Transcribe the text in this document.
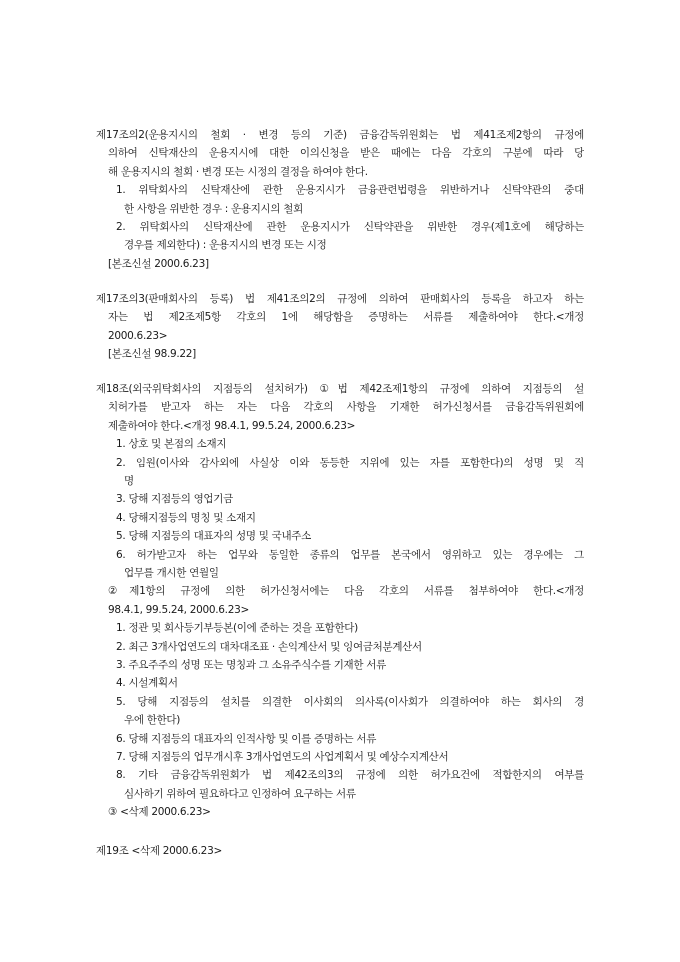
제17조의2(운용지시의 철회 · 변경 등의 기준) 금융감독위원회는 법 제41조제2항의 규정에
의하여 신탁재산의 운용지시에 대한 이의신청을 받은 때에는 다음 각호의 구분에 따라 당
해 운용지시의 철회 · 변경 또는 시정의 결정을 하여야 한다.
1. 위탁회사의 신탁재산에 관한 운용지시가 금융관련법령을 위반하거나 신탁약관의 중대
한 사항을 위반한 경우 : 운용지시의 철회
2. 위탁회사의 신탁재산에 관한 운용지시가 신탁약관을 위반한 경우(제1호에 해당하는
경우를 제외한다) : 운용지시의 변경 또는 시정
[본조신설 2000.6.23]
제17조의3(판매회사의 등록) 법 제41조의2의 규정에 의하여 판매회사의 등록을 하고자 하는
자는 법 제2조제5항 각호의 1에 해당함을 증명하는 서류를 제출하여야 한다.<개정
2000.6.23>
[본조신설 98.9.22]
제18조(외국위탁회사의 지점등의 설치허가) ①법 제42조제1항의 규정에 의하여 지점등의 설
치허가를 받고자 하는 자는 다음 각호의 사항을 기재한 허가신청서를 금융감독위원회에
제출하여야 한다.<개정 98.4.1, 99.5.24, 2000.6.23>
1. 상호 및 본점의 소재지
2. 임원(이사와 감사외에 사실상 이와 동등한 지위에 있는 자를 포함한다)의 성명 및 직
명
3. 당해 지점등의 영업기금
4. 당해지점등의 명칭 및 소재지
5. 당해 지점등의 대표자의 성명 및 국내주소
6. 허가받고자 하는 업무와 동일한 종류의 업무를 본국에서 영위하고 있는 경우에는 그
업무를 개시한 연월일
②제1항의 규정에 의한 허가신청서에는 다음 각호의 서류를 첨부하여야 한다.<개정
98.4.1, 99.5.24, 2000.6.23>
1. 정관 및 회사등기부등본(이에 준하는 것을 포함한다)
2. 최근 3개사업연도의 대차대조표 · 손익계산서 및 잉여금처분계산서
3. 주요주주의 성명 또는 명칭과 그 소유주식수를 기재한 서류
4. 시설계획서
5. 당해 지점등의 설치를 의결한 이사회의 의사록(이사회가 의결하여야 하는 회사의 경
우에 한한다)
6. 당해 지점등의 대표자의 인적사항 및 이를 증명하는 서류
7. 당해 지점등의 업무개시후 3개사업연도의 사업계획서 및 예상수지계산서
8. 기타 금융감독위원회가 법 제42조의3의 규정에 의한 허가요건에 적합한지의 여부를
심사하기 위하여 필요하다고 인정하여 요구하는 서류
③ <삭제 2000.6.23>
제19조 <삭제 2000.6.23>
